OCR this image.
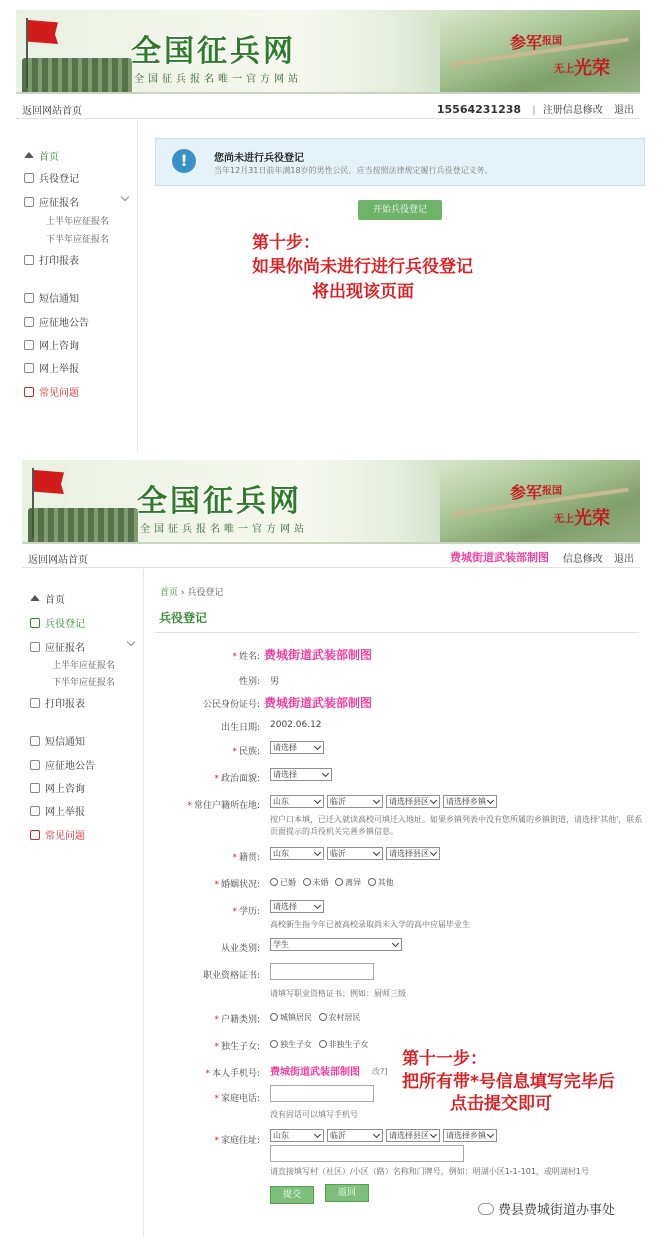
全国征兵网
全国征兵报名唯一官方网站
参军 报国
无上 光荣
返回网站首页	15564231238 | 注册信息修改 退出
首页
兵役登记
应征报名
上半年应征报名
下半年应征报名
打印报表
短信通知
应征地公告
网上咨询
网上举报
常见问题
!	您尚未进行兵役登记
当年12月31日前年满18岁的男性公民，应当按照法律规定履行兵役登记义务。
开始兵役登记
第十步：
如果你尚未进行进行兵役登记
将出现该页面
全国征兵网
全国征兵报名唯一官方网站
参军 报国
无上 光荣
返回网站首页	费城街道武装部制图 信息修改 退出
首页
兵役登记
应征报名
上半年应征报名
下半年应征报名
打印报表
短信通知
应征地公告
网上咨询
网上举报
常见问题
首页 › 兵役登记
兵役登记
* 姓名: 费城街道武装部制图
性别: 男
公民身份证号: 费城街道武装部制图
出生日期: 2002.06.12
* 民族:	请选择
* 政治面貌:	请选择
* 常住户籍所在地:	山东	临沂	请选择县区	请选择乡镇
按户口本填，已迁入就读高校可填迁入地址。如果乡镇列表中没有您所属的乡镇街道，请选择'其他'，联系
页面提示的兵役机关完善乡镇信息。
* 籍贯:	山东	临沂	请选择县区
* 婚姻状况:	已婚 未婚 离异 其他
* 学历:
请选择
高校新生指今年已被高校录取尚未入学的高中应届毕业生
从业类别:	学生
职业资格证书:
请填写职业资格证书；例如：厨师三级
* 户籍类别:	城镇居民 农村居民
* 独生子女:	独生子女 非独生子女
* 本人手机号: 费城街道武装部制图 改?]
* 家庭电话:
没有固话可以填写手机号
* 家庭住址:
山东	临沂	请选择县区	请选择乡镇
请直接填写村（社区）/小区（路）名称和门牌号，例如：明湖小区1-1-101，或明湖村1号
提交	返回
第十一步：
把所有带*号信息填写完毕后
点击提交即可
费县费城街道办事处
